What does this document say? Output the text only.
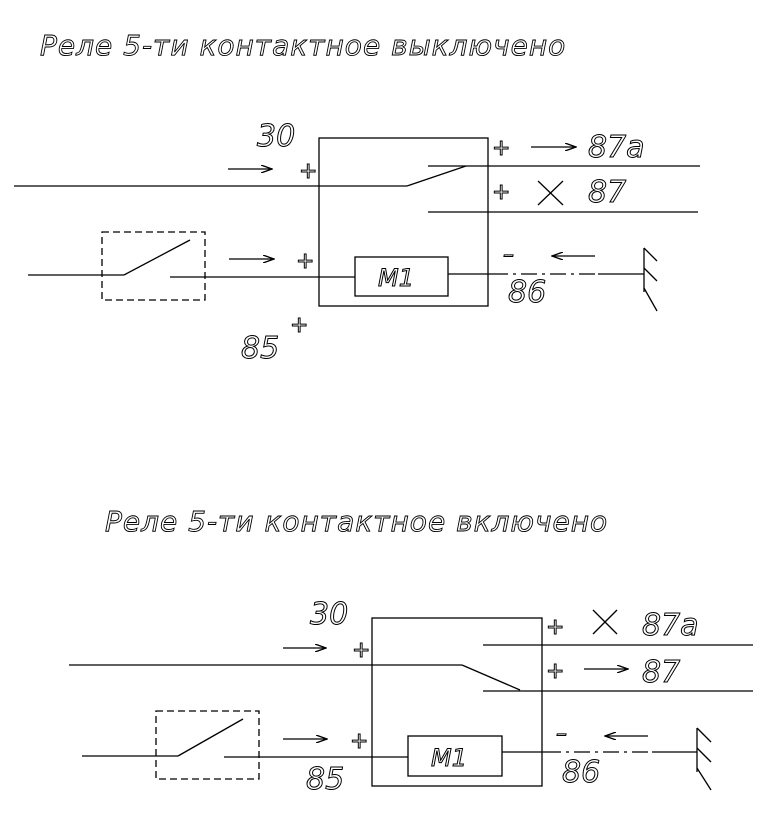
Реле 5-ти контактное выключено
30
+
+	87a
+	87
+
85
+
M1
–
86
Реле 5-ти контактное включено
30
+
+	87a
+	87
+
85
M1
–
86
